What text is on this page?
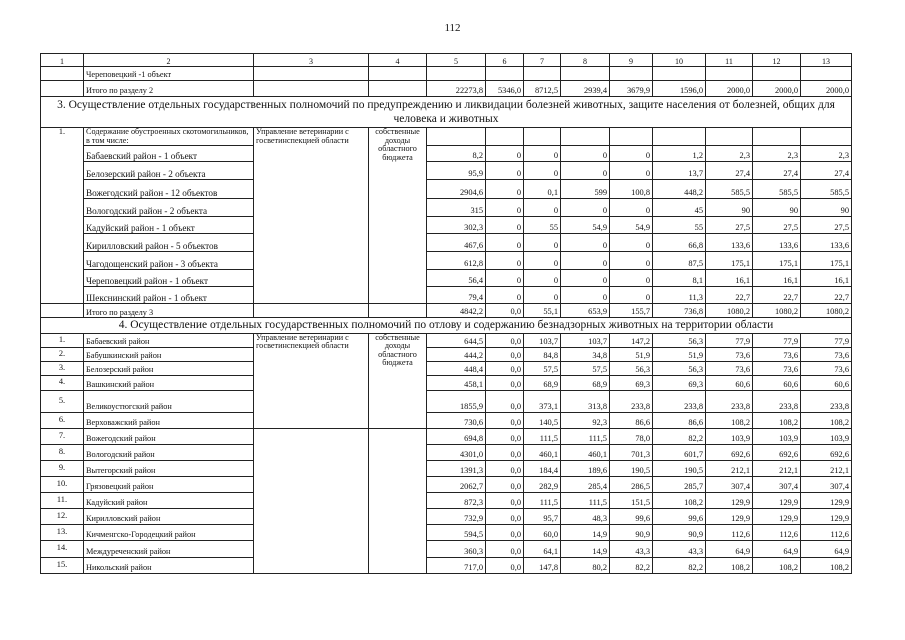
112
1	2	3	4	5	6	7	8	9	10	11	12	13
	Череповецкий -1 объект											
	Итого по разделу 2			22273,8	5346,0	8712,5	2939,4	3679,9	1596,0	2000,0	2000,0	2000,0
3. Осуществление отдельных государственных полномочий по предупреждению и ликвидации болезней животных, защите населения от болезней, общих для человека и животных												
1.	Содержание обустроенных скотомогильников, в том числе:	Управление ветеринарии с госветинспекцией области	собственные доходы областного бюджета									
	Бабаевский район - 1 объект			8,2	0	0	0	0	1,2	2,3	2,3	2,3
	Белозерский район - 2 объекта			95,9	0	0	0	0	13,7	27,4	27,4	27,4
	Вожегодский район - 12 объектов			2904,6	0	0,1	599	100,8	448,2	585,5	585,5	585,5
	Вологодский район - 2 объекта			315	0	0	0	0	45	90	90	90
	Кадуйский район - 1 объект			302,3	0	55	54,9	54,9	55	27,5	27,5	27,5
	Кирилловский район - 5 объектов			467,6	0	0	0	0	66,8	133,6	133,6	133,6
	Чагодощенский район - 3 объекта			612,8	0	0	0	0	87,5	175,1	175,1	175,1
	Череповецкий район - 1 объект			56,4	0	0	0	0	8,1	16,1	16,1	16,1
	Шекснинский район - 1 объект			79,4	0	0	0	0	11,3	22,7	22,7	22,7
	Итого по разделу 3			4842,2	0,0	55,1	653,9	155,7	736,8	1080,2	1080,2	1080,2
4. Осуществление отдельных государственных полномочий по отлову и содержанию безнадзорных животных на территории области												
1.	Бабаевский район	Управление ветеринарии с госветинспекцией области	собственные доходы областного бюджета	644,5	0,0	103,7	103,7	147,2	56,3	77,9	77,9	77,9
2.	Бабушкинский район			444,2	0,0	84,8	34,8	51,9	51,9	73,6	73,6	73,6
3.	Белозерский район			448,4	0,0	57,5	57,5	56,3	56,3	73,6	73,6	73,6
4.	Вашкинский район			458,1	0,0	68,9	68,9	69,3	69,3	60,6	60,6	60,6
5.	Великоустюгский район			1855,9	0,0	373,1	313,8	233,8	233,8	233,8	233,8	233,8
6.	Верховажский район			730,6	0,0	140,5	92,3	86,6	86,6	108,2	108,2	108,2
7.	Вожегодский район			694,8	0,0	111,5	111,5	78,0	82,2	103,9	103,9	103,9
8.	Вологодский район			4301,0	0,0	460,1	460,1	701,3	601,7	692,6	692,6	692,6
9.	Вытегорский район			1391,3	0,0	184,4	189,6	190,5	190,5	212,1	212,1	212,1
10.	Грязовецкий район			2062,7	0,0	282,9	285,4	286,5	285,7	307,4	307,4	307,4
11.	Кадуйский район			872,3	0,0	111,5	111,5	151,5	108,2	129,9	129,9	129,9
12.	Кирилловский район			732,9	0,0	95,7	48,3	99,6	99,6	129,9	129,9	129,9
13.	Кичменгско-Городецкий район			594,5	0,0	60,0	14,9	90,9	90,9	112,6	112,6	112,6
14.	Междуреченский район			360,3	0,0	64,1	14,9	43,3	43,3	64,9	64,9	64,9
15.	Никольский район			717,0	0,0	147,8	80,2	82,2	82,2	108,2	108,2	108,2
